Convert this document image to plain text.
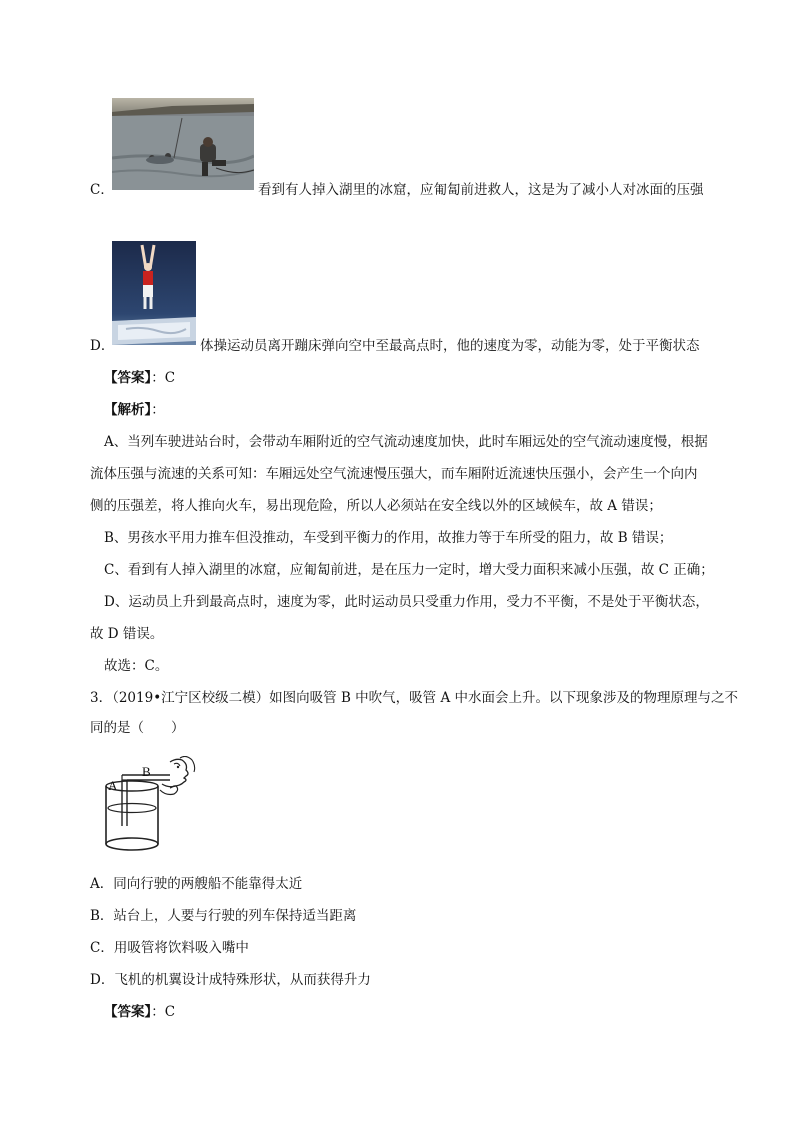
C．	看到有人掉入湖里的冰窟，应匍匐前进救人，这是为了减小人对冰面的压强
D．	体操运动员离开蹦床弹向空中至最高点时，他的速度为零，动能为零，处于平衡状态
【答案】：C
【解析】：
A、当列车驶进站台时，会带动车厢附近的空气流动速度加快，此时车厢远处的空气流动速度慢，根据
流体压强与流速的关系可知：车厢远处空气流速慢压强大，而车厢附近流速快压强小，会产生一个向内
侧的压强差，将人推向火车，易出现危险，所以人必须站在安全线以外的区域候车，故 A 错误；
B、男孩水平用力推车但没推动，车受到平衡力的作用，故推力等于车所受的阻力，故 B 错误；
C、看到有人掉入湖里的冰窟，应匍匐前进，是在压力一定时，增大受力面积来减小压强，故 C 正确；
D、运动员上升到最高点时，速度为零，此时运动员只受重力作用，受力不平衡，不是处于平衡状态，
故 D 错误。
故选：C。
3．（2019•江宁区校级二模）如图向吸管 B 中吹气，吸管 A 中水面会上升。以下现象涉及的物理原理与之不
同的是（　　）
A
B
A．同向行驶的两艘船不能靠得太近
B．站台上，人要与行驶的列车保持适当距离
C．用吸管将饮料吸入嘴中
D．飞机的机翼设计成特殊形状，从而获得升力
【答案】：C
